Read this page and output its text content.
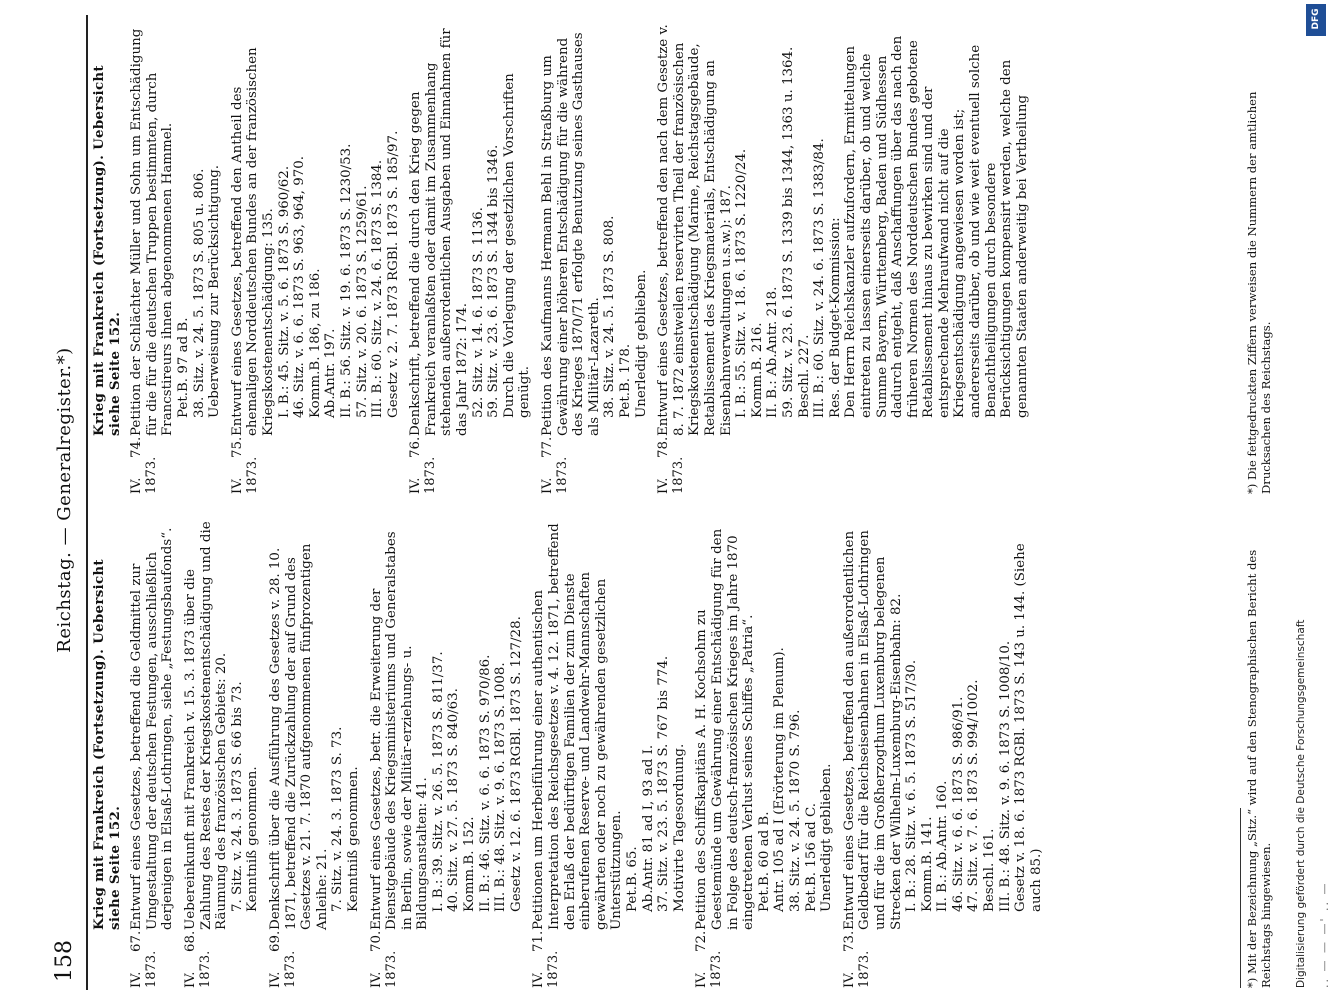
158
Reichstag. — Generalregister.*)
Krieg mit Frankreich (Fortsetzung). Uebersicht siehe Seite 152.
IV. 1873.
67.

Entwurf eines Gesetzes, betreffend die Geldmittel zur Umgestaltung der deutschen Festungen, ausschließlich derjenigen in Elsaß-Lothringen, siehe „Festungsbaufonds“.

IV. 1873.
68.

Uebereinkunft mit Frankreich v. 15. 3. 1873 über die Zahlung des Restes der Kriegskostenentschädigung und die Räumung des französischen Gebiets: 20. 7. Sitz. v. 24. 3. 1873 S. 66 bis 73. Kenntniß genommen.

IV. 1873.
69.

Denkschrift über die Ausführung des Gesetzes v. 28. 10. 1871, betreffend die Zurückzahlung der auf Grund des Gesetzes v. 21. 7. 1870 aufgenommenen fünfprozentigen Anleihe: 21. 7. Sitz. v. 24. 3. 1873 S. 73. Kenntniß genommen.

IV. 1873.
70.

Entwurf eines Gesetzes, betr. die Erweiterung der Dienstgebäude des Kriegsministeriums und Generalstabes in Berlin, sowie der Militär-erziehungs- u. Bildungsanstalten: 41. I. B.: 39. Sitz. v. 26. 5. 1873 S. 811/37. 40. Sitz. v. 27. 5. 1873 S. 840/63. Komm.B. 152. II. B.: 46. Sitz. v. 6. 6. 1873 S. 970/86. III. B.: 48. Sitz. v. 9. 6. 1873 S. 1008. Gesetz v. 12. 6. 1873 RGBl. 1873 S. 127/28.

IV. 1873.
71.

Petitionen um Herbeiführung einer authentischen Interpretation des Reichsgesetzes v. 4. 12. 1871, betreffend den Erlaß der bedürftigen Familien der zum Dienste einberufenen Reserve- und Landwehr-Mannschaften gewährten oder noch zu gewährenden gesetzlichen Unterstützungen. Pet.B. 65. Ab.Antr. 81 ad I, 93 ad I. 37. Sitz. v. 23. 5. 1873 S. 767 bis 774. Motivirte Tagesordnung.

IV. 1873.
72.

Petition des Schiffskapitäns A. H. Kochsohm zu Geestemünde um Gewährung einer Entschädigung für den in Folge des deutsch-französischen Krieges im Jahre 1870 eingetretenen Verlust seines Schiffes „Patria“. Pet.B. 60 ad B. Antr. 105 ad I (Erörterung im Plenum). 38. Sitz. v. 24. 5. 1870 S. 796. Pet.B. 156 ad C. Unerledigt geblieben.

IV. 1873.
73.

Entwurf eines Gesetzes, betreffend den außerordentlichen Geldbedarf für die Reichseisenbahnen in Elsaß-Lothringen und für die im Großherzogthum Luxemburg belegenen Strecken der Wilhelm-Luxemburg-Eisenbahn: 82. I. B.: 28. Sitz. v. 6. 5. 1873 S. 517/30. Komm.B. 141. II. B.: Ab.Antr. 160. 46. Sitz. v. 6. 6. 1873 S. 986/91. 47. Sitz. v. 7. 6. 1873 S. 994/1002. Beschl. 161. III. B.: 48. Sitz. v. 9. 6. 1873 S. 1008/10. Gesetz v. 18. 6. 1873 RGBl. 1873 S. 143 u. 144. (Siehe auch 85.)

Krieg mit Frankreich (Fortsetzung). Uebersicht siehe Seite 152.
IV. 1873.
74.

Petition der Schlächter Müller und Sohn um Entschädigung für die für die deutschen Truppen bestimmten, durch Francstireurs ihnen abgenommenen Hammel. Pet.B. 97 ad B. 38. Sitz. v. 24. 5. 1873 S. 805 u. 806. Ueberweisung zur Berücksichtigung.

IV. 1873.
75.

Entwurf eines Gesetzes, betreffend den Antheil des ehemaligen Norddeutschen Bundes an der französischen Kriegskostenentschädigung: 135. I. B.: 45. Sitz. v. 5. 6. 1873 S. 960/62. 46. Sitz. v. 6. 6. 1873 S. 963, 964, 970. Komm.B. 186, zu 186. Ab.Antr. 197. II. B.: 56. Sitz. v. 19. 6. 1873 S. 1230/53. 57. Sitz. v. 20. 6. 1873 S. 1259/61. III. B.: 60. Sitz. v. 24. 6. 1873 S. 1384. Gesetz v. 2. 7. 1873 RGBl. 1873 S. 185/97.

IV. 1873.
76.

Denkschrift, betreffend die durch den Krieg gegen Frankreich veranlaßten oder damit im Zusammenhang stehenden außerordentlichen Ausgaben und Einnahmen für das Jahr 1872: 174. 52. Sitz. v. 14. 6. 1873 S. 1136. 59. Sitz. v. 23. 6. 1873 S. 1344 bis 1346. Durch die Vorlegung der gesetzlichen Vorschriften genügt.

IV. 1873.
77.

Petition des Kaufmanns Hermann Behl in Straßburg um Gewährung einer höheren Entschädigung für die während des Krieges 1870/71 erfolgte Benutzung seines Gasthauses als Militär-Lazareth. 38. Sitz. v. 24. 5. 1873 S. 808. Pet.B. 178. Unerledigt geblieben.

IV. 1873.
78.

Entwurf eines Gesetzes, betreffend den nach dem Gesetze v. 8. 7. 1872 einstweilen reservirten Theil der französischen Kriegskostenentschädigung (Marine, Reichstagsgebäude, Retablissement des Kriegsmaterials, Entschädigung an Eisenbahnverwaltungen u.s.w.): 187. I. B.: 55. Sitz. v. 18. 6. 1873 S. 1220/24. Komm.B. 216. II. B.: Ab.Antr. 218. 59. Sitz. v. 23. 6. 1873 S. 1339 bis 1344, 1363 u. 1364. Beschl. 227. III. B.: 60. Sitz. v. 24. 6. 1873 S. 1383/84. Res. der Budget-Kommission: Den Herrn Reichskanzler aufzufordern, Ermittelungen eintreten zu lassen einerseits darüber, ob und welche Summe Bayern, Württemberg, Baden und Südhessen dadurch entgeht, daß Anschaffungen über das nach den früheren Normen des Norddeutschen Bundes gebotene Retablissement hinaus zu bewirken sind und der entsprechende Mehraufwand nicht auf die Kriegsentschädigung angewiesen worden ist; andererseits darüber, ob und wie weit eventuell solche Benachtheiligungen durch besondere Berücksichtigungen kompensirt werden, welche den genannten Staaten anderweitig bei Vertheilung

*) Mit der Bezeichnung „Sitz.“ wird auf den Stenographischen Bericht des Reichstags hingewiesen.
*) Die fettgedruckten Ziffern verweisen die Nummern der amtlichen Drucksachen des Reichstags.
.. — — —' .. —
Digitalisierung gefördert durch die Deutsche Forschungsgemeinschaft
DFG
